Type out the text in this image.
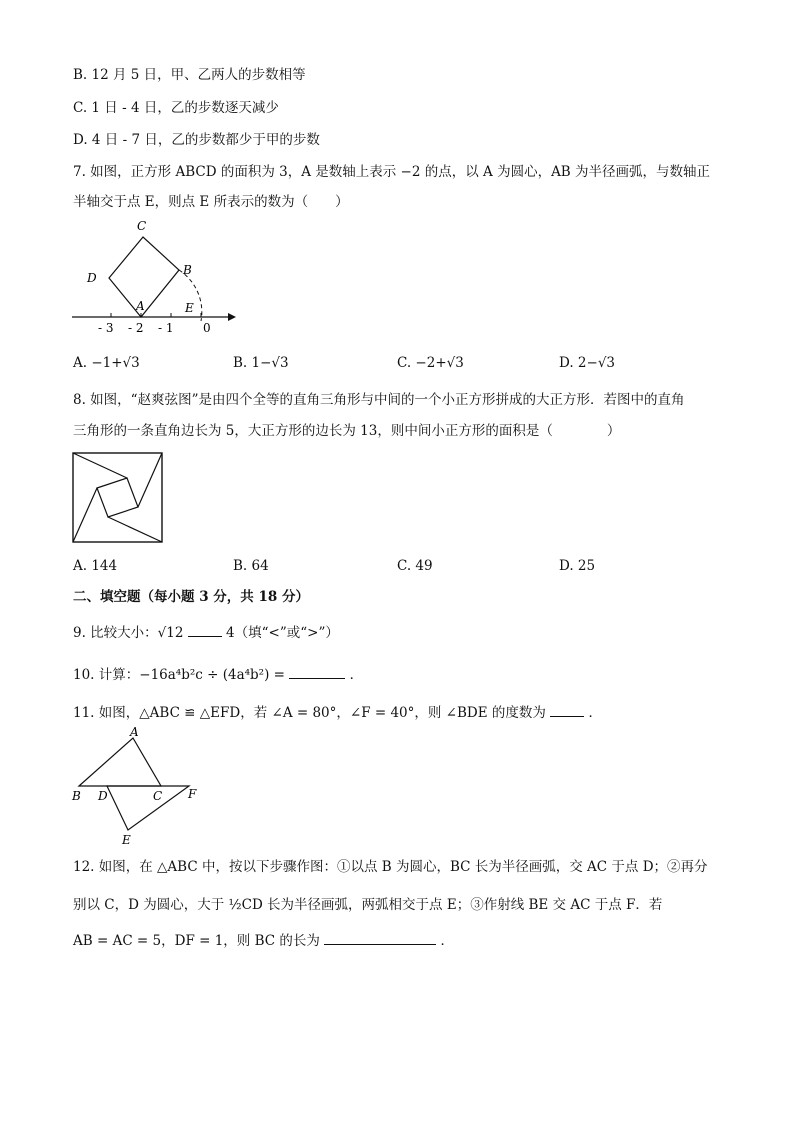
B. 12 月 5 日，甲、乙两人的步数相等
C. 1 日 - 4 日，乙的步数逐天减少
D. 4 日 - 7 日，乙的步数都少于甲的步数
7. 如图，正方形 ABCD 的面积为 3，A 是数轴上表示 −2 的点，以 A 为圆心，AB 为半径画弧，与数轴正
半轴交于点 E，则点 E 所表示的数为（　　）
C
D
B
A	E
- 3 - 2 - 1 0
A. −1+√3	B. 1−√3	C. −2+√3	D. 2−√3
8. 如图，“赵爽弦图”是由四个全等的直角三角形与中间的一个小正方形拼成的大正方形．若图中的直角
三角形的一条直角边长为 5，大正方形的边长为 13，则中间小正方形的面积是（　　　　）
A. 144	B. 64	C. 49	D. 25
二、填空题（每小题 3 分，共 18 分）
9. 比较大小：√12	4（填“<”或“>”）
10. 计算：−16a⁴b²c ÷ (4a⁴b²) =	．
11. 如图，△ABC ≌ △EFD，若 ∠A = 80°，∠F = 40°，则 ∠BDE 的度数为	．
A
B D	C F
E
12. 如图，在 △ABC 中，按以下步骤作图：①以点 B 为圆心，BC 长为半径画弧，交 AC 于点 D；②再分
别以 C，D 为圆心，大于 ½CD 长为半径画弧，两弧相交于点 E；③作射线 BE 交 AC 于点 F．若
AB = AC = 5，DF = 1，则 BC 的长为	．
